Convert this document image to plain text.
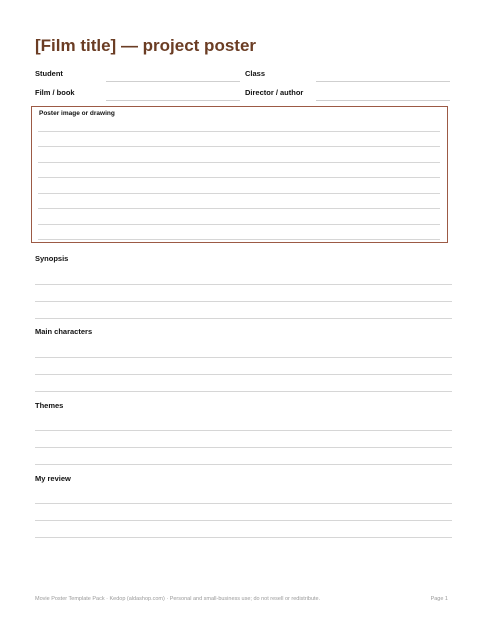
[Film title] — project poster
Student	Class
Film / book	Director / author
Poster image or drawing
Synopsis
Main characters
Themes
My review
Movie Poster Template Pack · Kedop (aldashop.com) · Personal and small-business use; do not resell or redistribute.	Page 1
